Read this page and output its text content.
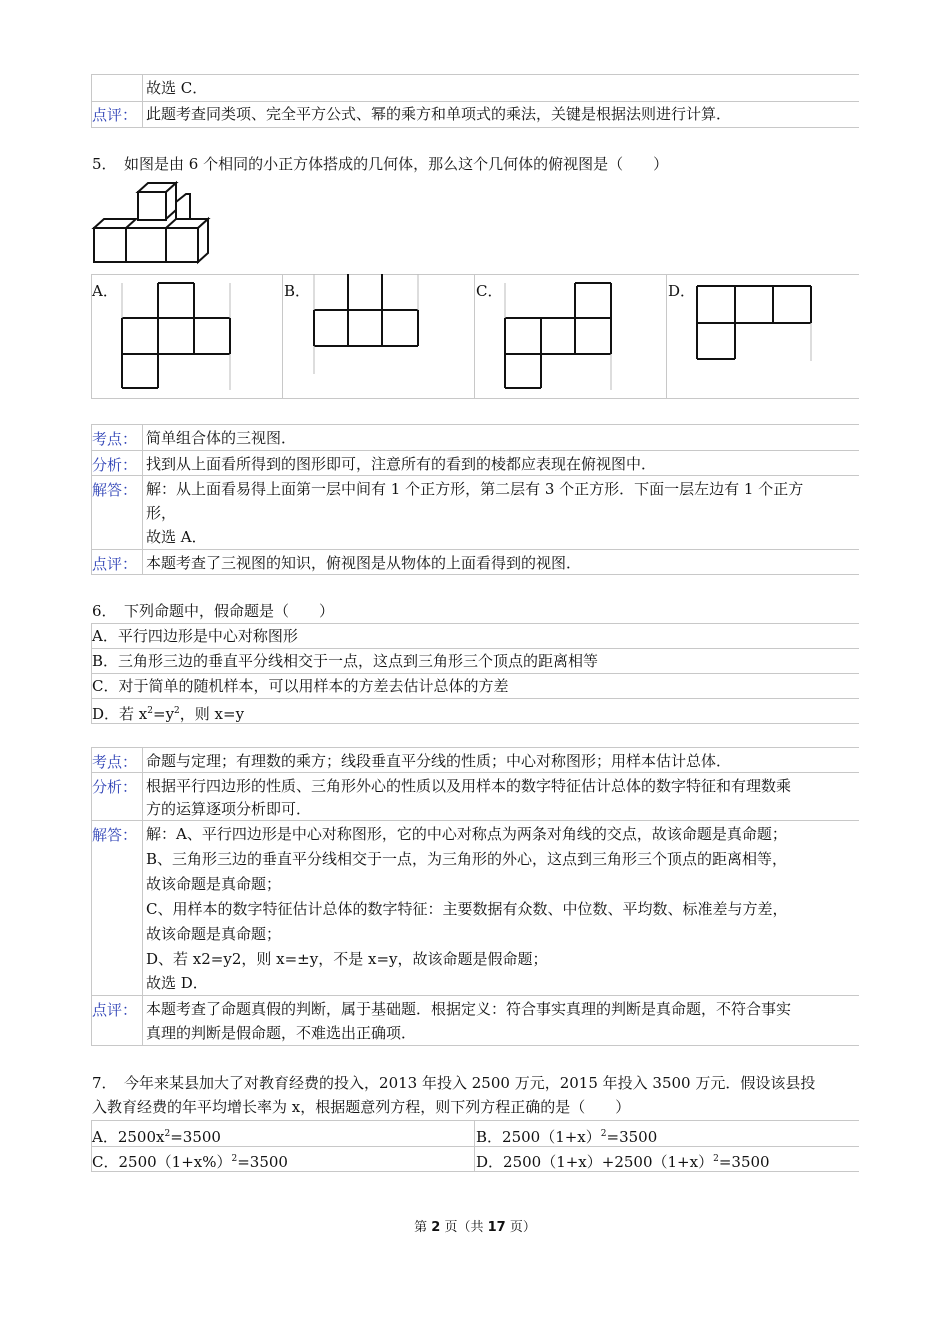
故选 C．
点评： 此题考查同类项、完全平方公式、幂的乘方和单项式的乘法，关键是根据法则进行计算．
5．　如图是由 6 个相同的小正方体搭成的几何体，那么这个几何体的俯视图是（　　）
A．	B．	C．	D．
考点： 简单组合体的三视图．
分析： 找到从上面看所得到的图形即可，注意所有的看到的棱都应表现在俯视图中．
解答： 解：从上面看易得上面第一层中间有 1 个正方形，第二层有 3 个正方形．下面一层左边有 1 个正方
形，
故选 A．
点评： 本题考查了三视图的知识，俯视图是从物体的上面看得到的视图．
6．　下列命题中，假命题是（　　）
A．平行四边形是中心对称图形
B．三角形三边的垂直平分线相交于一点，这点到三角形三个顶点的距离相等
C．对于简单的随机样本，可以用样本的方差去估计总体的方差
D．若 $x^2=y^2$，则 x=y
考点： 命题与定理；有理数的乘方；线段垂直平分线的性质；中心对称图形；用样本估计总体．
分析： 根据平行四边形的性质、三角形外心的性质以及用样本的数字特征估计总体的数字特征和有理数乘
方的运算逐项分析即可．
解答： 解：A、平行四边形是中心对称图形，它的中心对称点为两条对角线的交点，故该命题是真命题；
B、三角形三边的垂直平分线相交于一点，为三角形的外心，这点到三角形三个顶点的距离相等，
故该命题是真命题；
C、用样本的数字特征估计总体的数字特征：主要数据有众数、中位数、平均数、标准差与方差，
故该命题是真命题；
D、若 x2=y2，则 x=±y，不是 x=y，故该命题是假命题；
故选 D．
点评： 本题考查了命题真假的判断，属于基础题．根据定义：符合事实真理的判断是真命题，不符合事实
真理的判断是假命题，不难选出正确项．
7．　今年来某县加大了对教育经费的投入，2013 年投入 2500 万元，2015 年投入 3500 万元．假设该县投
入教育经费的年平均增长率为 x，根据题意列方程，则下列方程正确的是（　　）
A．$2500x^2=3500$	B．$2500(1+x)^2=3500$
C．$2500(1+x\%)^2=3500$	D．$2500(1+x)+2500(1+x)^2=3500$
第 2 页（共 17 页）
